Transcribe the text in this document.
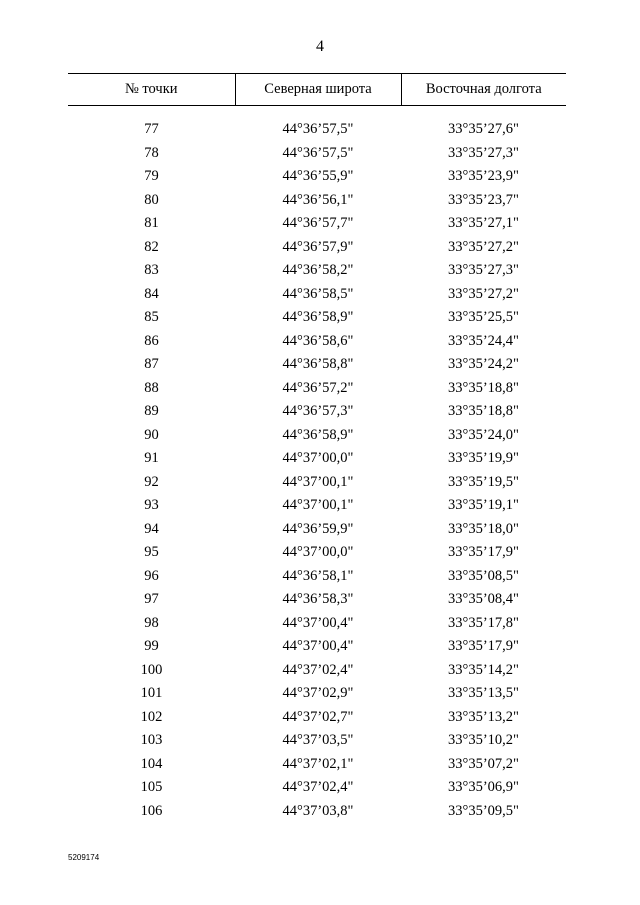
4
№ точки	Северная широта	Восточная долгота

77	44°36’57,5"	33°35’27,6"
78	44°36’57,5"	33°35’27,3"
79	44°36’55,9"	33°35’23,9"
80	44°36’56,1"	33°35’23,7"
81	44°36’57,7"	33°35’27,1"
82	44°36’57,9"	33°35’27,2"
83	44°36’58,2"	33°35’27,3"
84	44°36’58,5"	33°35’27,2"
85	44°36’58,9"	33°35’25,5"
86	44°36’58,6"	33°35’24,4"
87	44°36’58,8"	33°35’24,2"
88	44°36’57,2"	33°35’18,8"
89	44°36’57,3"	33°35’18,8"
90	44°36’58,9"	33°35’24,0"
91	44°37’00,0"	33°35’19,9"
92	44°37’00,1"	33°35’19,5"
93	44°37’00,1"	33°35’19,1"
94	44°36’59,9"	33°35’18,0"
95	44°37’00,0"	33°35’17,9"
96	44°36’58,1"	33°35’08,5"
97	44°36’58,3"	33°35’08,4"
98	44°37’00,4"	33°35’17,8"
99	44°37’00,4"	33°35’17,9"
100	44°37’02,4"	33°35’14,2"
101	44°37’02,9"	33°35’13,5"
102	44°37’02,7"	33°35’13,2"
103	44°37’03,5"	33°35’10,2"
104	44°37’02,1"	33°35’07,2"
105	44°37’02,4"	33°35’06,9"
106	44°37’03,8"	33°35’09,5"
5209174
